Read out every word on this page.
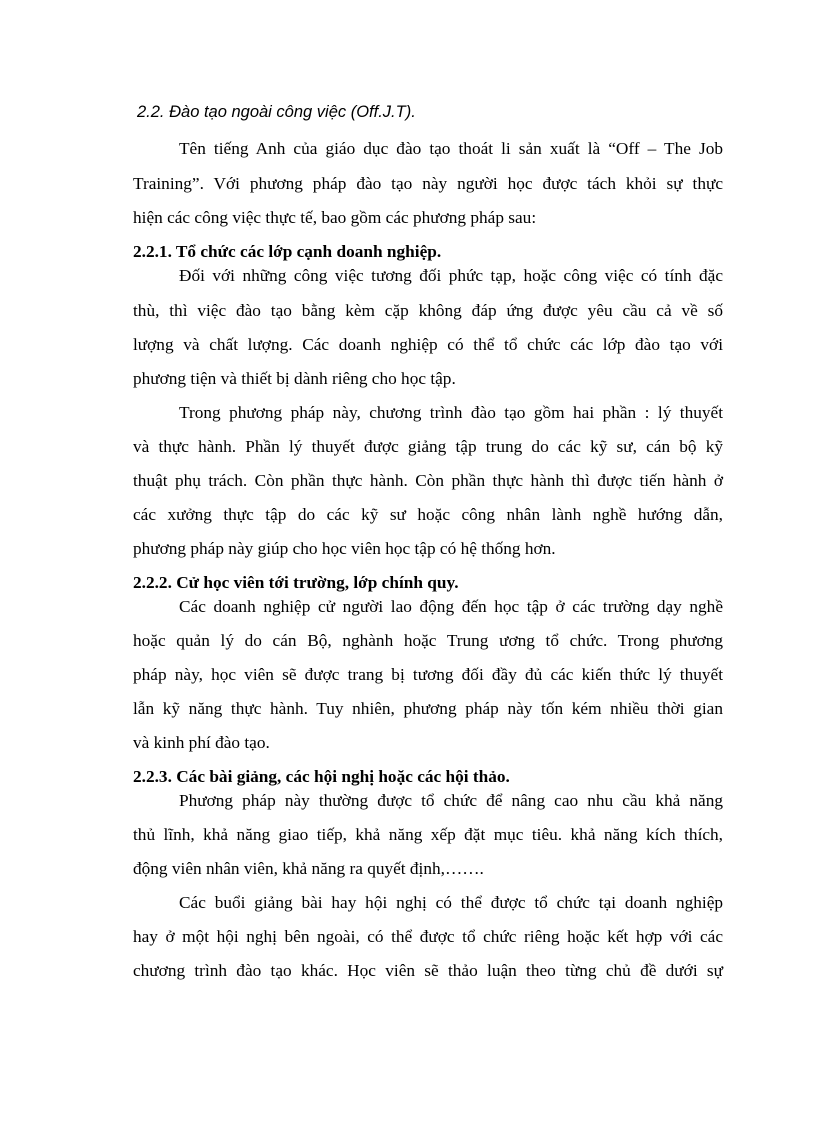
2.2. Đào tạo ngoài công việc (Off.J.T).
Tên tiếng Anh của giáo dục đào tạo thoát li sản xuất là “Off – The Job
Training”. Với phương pháp đào tạo này người học được tách khỏi sự thực
hiện các công việc thực tế, bao gồm các phương pháp sau:
2.2.1. Tổ chức các lớp cạnh doanh nghiệp.
Đối với những công việc tương đối phức tạp, hoặc công việc có tính đặc
thù, thì việc đào tạo bằng kèm cặp không đáp ứng được yêu cầu cả về số
lượng và chất lượng. Các doanh nghiệp có thể tổ chức các lớp đào tạo với
phương tiện và thiết bị dành riêng cho học tập.
Trong phương pháp này, chương trình đào tạo gồm hai phần : lý thuyết
và thực hành. Phần lý thuyết được giảng tập trung do các kỹ sư, cán bộ kỹ
thuật phụ trách. Còn phần thực hành. Còn phần thực hành thì được tiến hành ở
các xưởng thực tập do các kỹ sư hoặc công nhân lành nghề hướng dẫn,
phương pháp này giúp cho học viên học tập có hệ thống hơn.
2.2.2. Cử học viên tới trường, lớp chính quy.
Các doanh nghiệp cử người lao động đến học tập ở các trường dạy nghề
hoặc quản lý do cán Bộ, nghành hoặc Trung ương tổ chức. Trong phương
pháp này, học viên sẽ được trang bị tương đối đầy đủ các kiến thức lý thuyết
lẫn kỹ năng thực hành. Tuy nhiên, phương pháp này tốn kém nhiều thời gian
và kinh phí đào tạo.
2.2.3. Các bài giảng, các hội nghị hoặc các hội thảo.
Phương pháp này thường được tổ chức để nâng cao nhu cầu khả năng
thủ lĩnh, khả năng giao tiếp, khả năng xếp đặt mục tiêu. khả năng kích thích,
động viên nhân viên, khả năng ra quyết định,…….
Các buổi giảng bài hay hội nghị có thể được tổ chức tại doanh nghiệp
hay ở một hội nghị bên ngoài, có thể được tổ chức riêng hoặc kết hợp với các
chương trình đào tạo khác. Học viên sẽ thảo luận theo từng chủ đề dưới sự
